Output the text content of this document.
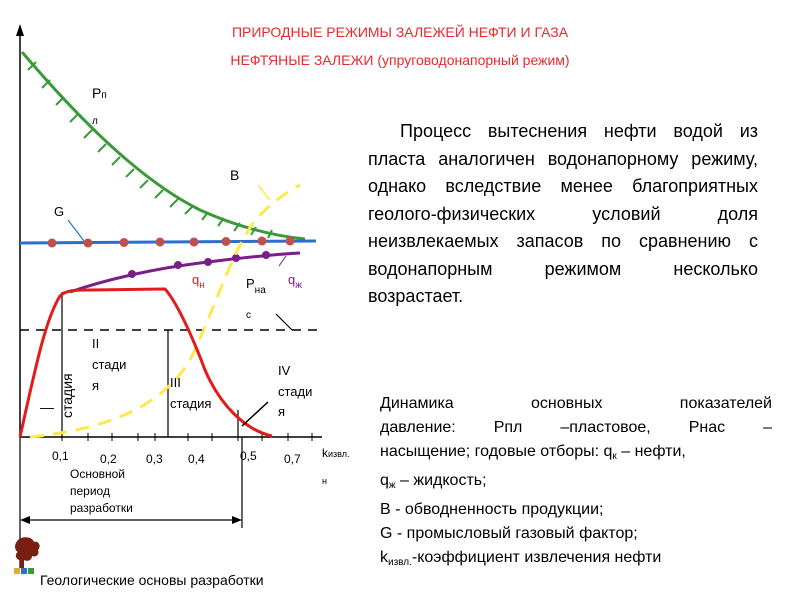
ПРИРОДНЫЕ РЕЖИМЫ ЗАЛЕЖЕЙ НЕФТИ И ГАЗА
НЕФТЯНЫЕ ЗАЛЕЖИ (упруговодонапорный режим)
Рп
л
В
G
$q_н$	$q_ж$
$Р_{на}$
с
— стадия
II
стади
я	III
стадия
IV
стади
я
0,1	0,2 0,3 0,4	0,5 0,7 kизвл.
н
Основной
период
разработки
Процесс вытеснения нефти водой из пласта аналогичен водонапорному режиму, однако вследствие менее благоприятных геолого-физических условий доля неизвлекаемых запасов по сравнению с водонапорным режимом несколько возрастает.

Динамика основных показателей

давление: Рпл –пластовое, Рнас –

насыщение; годовые отборы: $q_к$ – нефти,

$q_ж$ – жидкость;

В - обводненность продукции;

G - промысловый газовый фактор;

$k_{извл.}$-коэффициент извлечения нефти

Геологические основы разработки
